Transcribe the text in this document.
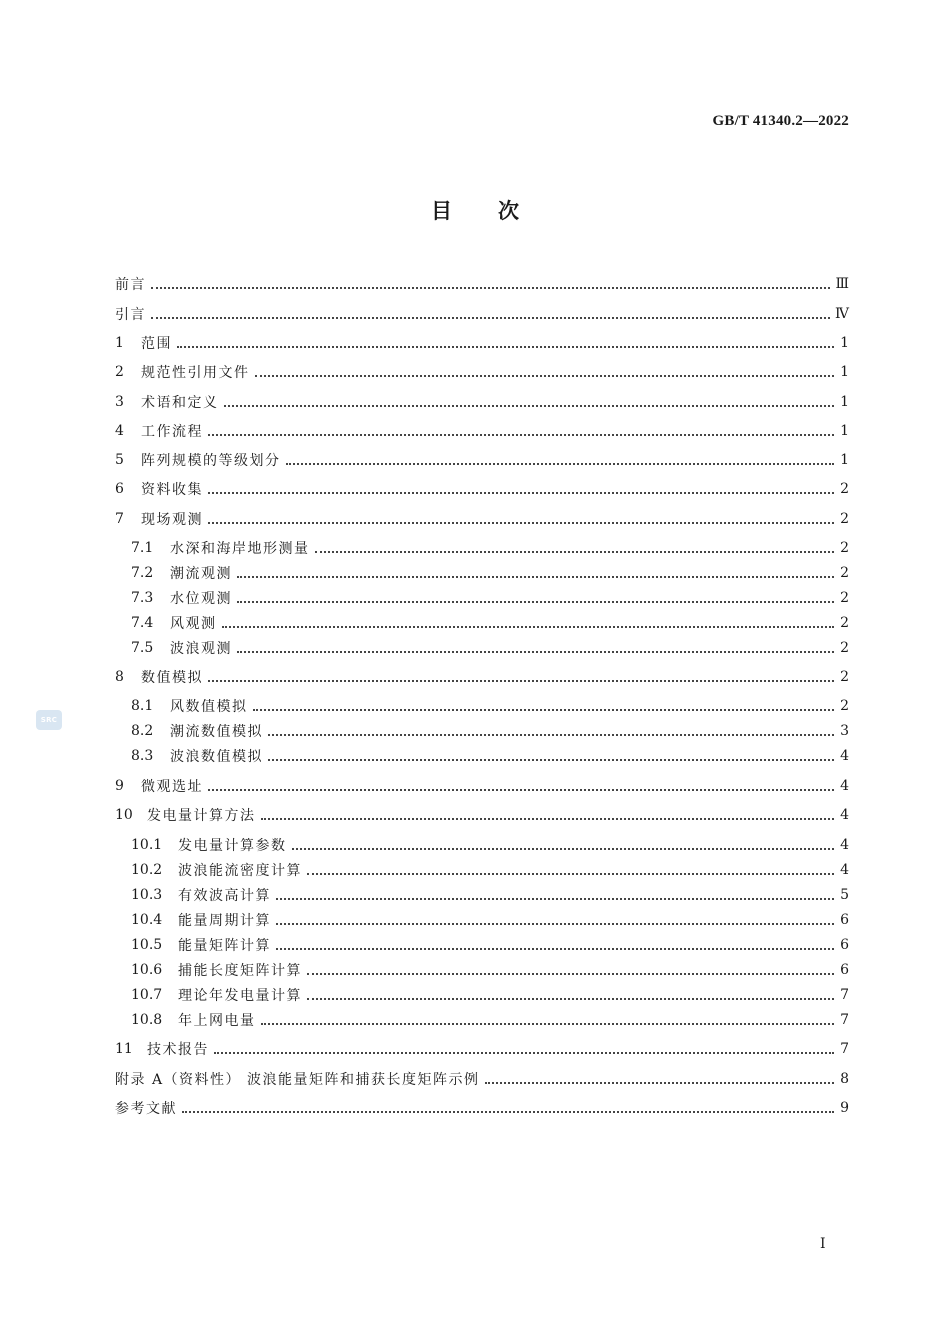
GB/T 41340.2—2022
目次
前言	Ⅲ
引言	Ⅳ
1	范围	1
2	规范性引用文件	1
3	术语和定义	1
4	工作流程	1
5	阵列规模的等级划分	1
6	资料收集	2
7	现场观测	2
7.1	水深和海岸地形测量	2
7.2	潮流观测	2
7.3	水位观测	2
7.4	风观测	2
7.5	波浪观测	2
8	数值模拟	2
8.1	风数值模拟	2
8.2	潮流数值模拟	3
8.3	波浪数值模拟	4
9	微观选址	4
10	发电量计算方法	4
10.1	发电量计算参数	4
10.2	波浪能流密度计算	4
10.3	有效波高计算	5
10.4	能量周期计算	6
10.5	能量矩阵计算	6
10.6	捕能长度矩阵计算	6
10.7	理论年发电量计算	7
10.8	年上网电量	7
11	技术报告	7
附录 A（资料性） 波浪能量矩阵和捕获长度矩阵示例	8
参考文献	9
SRC
I
